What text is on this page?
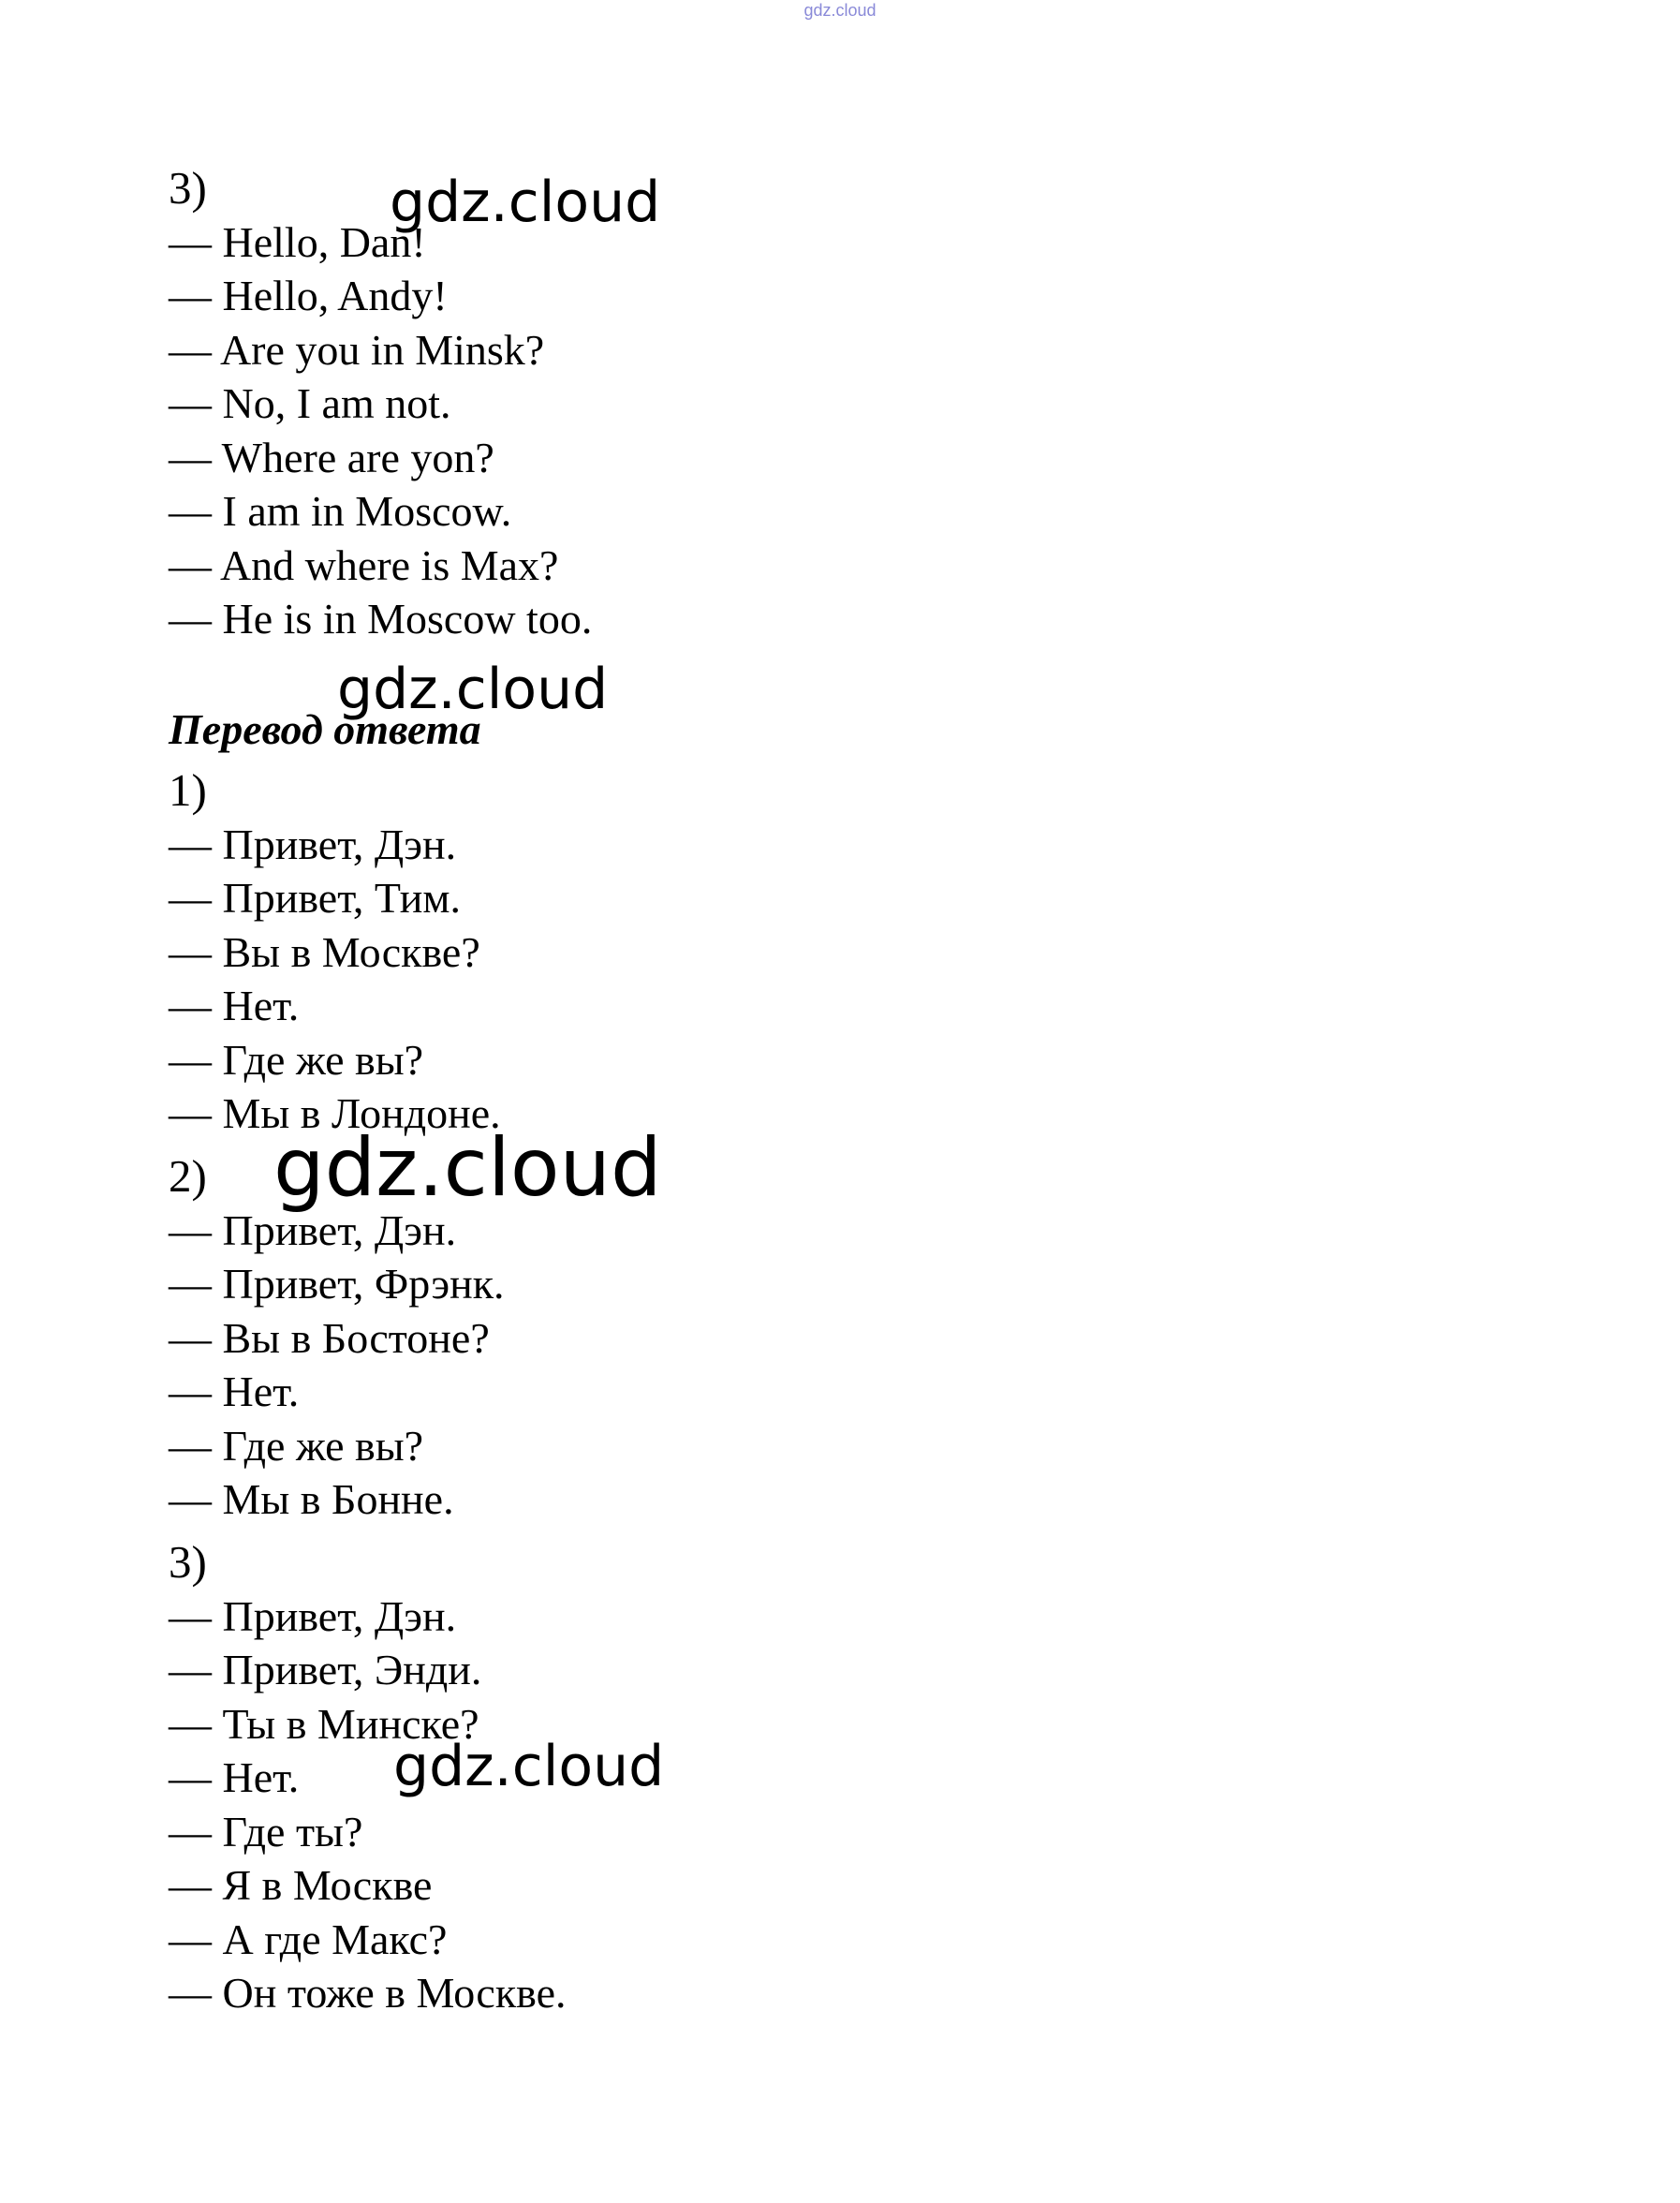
gdz.cloud
3)
— Hello, Dan!
— Hello, Andy!
— Are you in Minsk?
— No, I am not.
— Where are yon?
— I am in Moscow.
— And where is Max?
— He is in Moscow too.
Перевод ответа
1)
— Привет, Дэн.
— Привет, Тим.
— Вы в Москве?
— Нет.
— Где же вы?
— Мы в Лондоне.
2)
— Привет, Дэн.
— Привет, Фрэнк.
— Вы в Бостоне?
— Нет.
— Где же вы?
— Мы в Бонне.
3)
— Привет, Дэн.
— Привет, Энди.
— Ты в Минске?
— Нет.
— Где ты?
— Я в Москве
— А где Макс?
— Он тоже в Москве.
gdz.cloud
gdz.cloud
gdz.cloud
gdz.cloud
